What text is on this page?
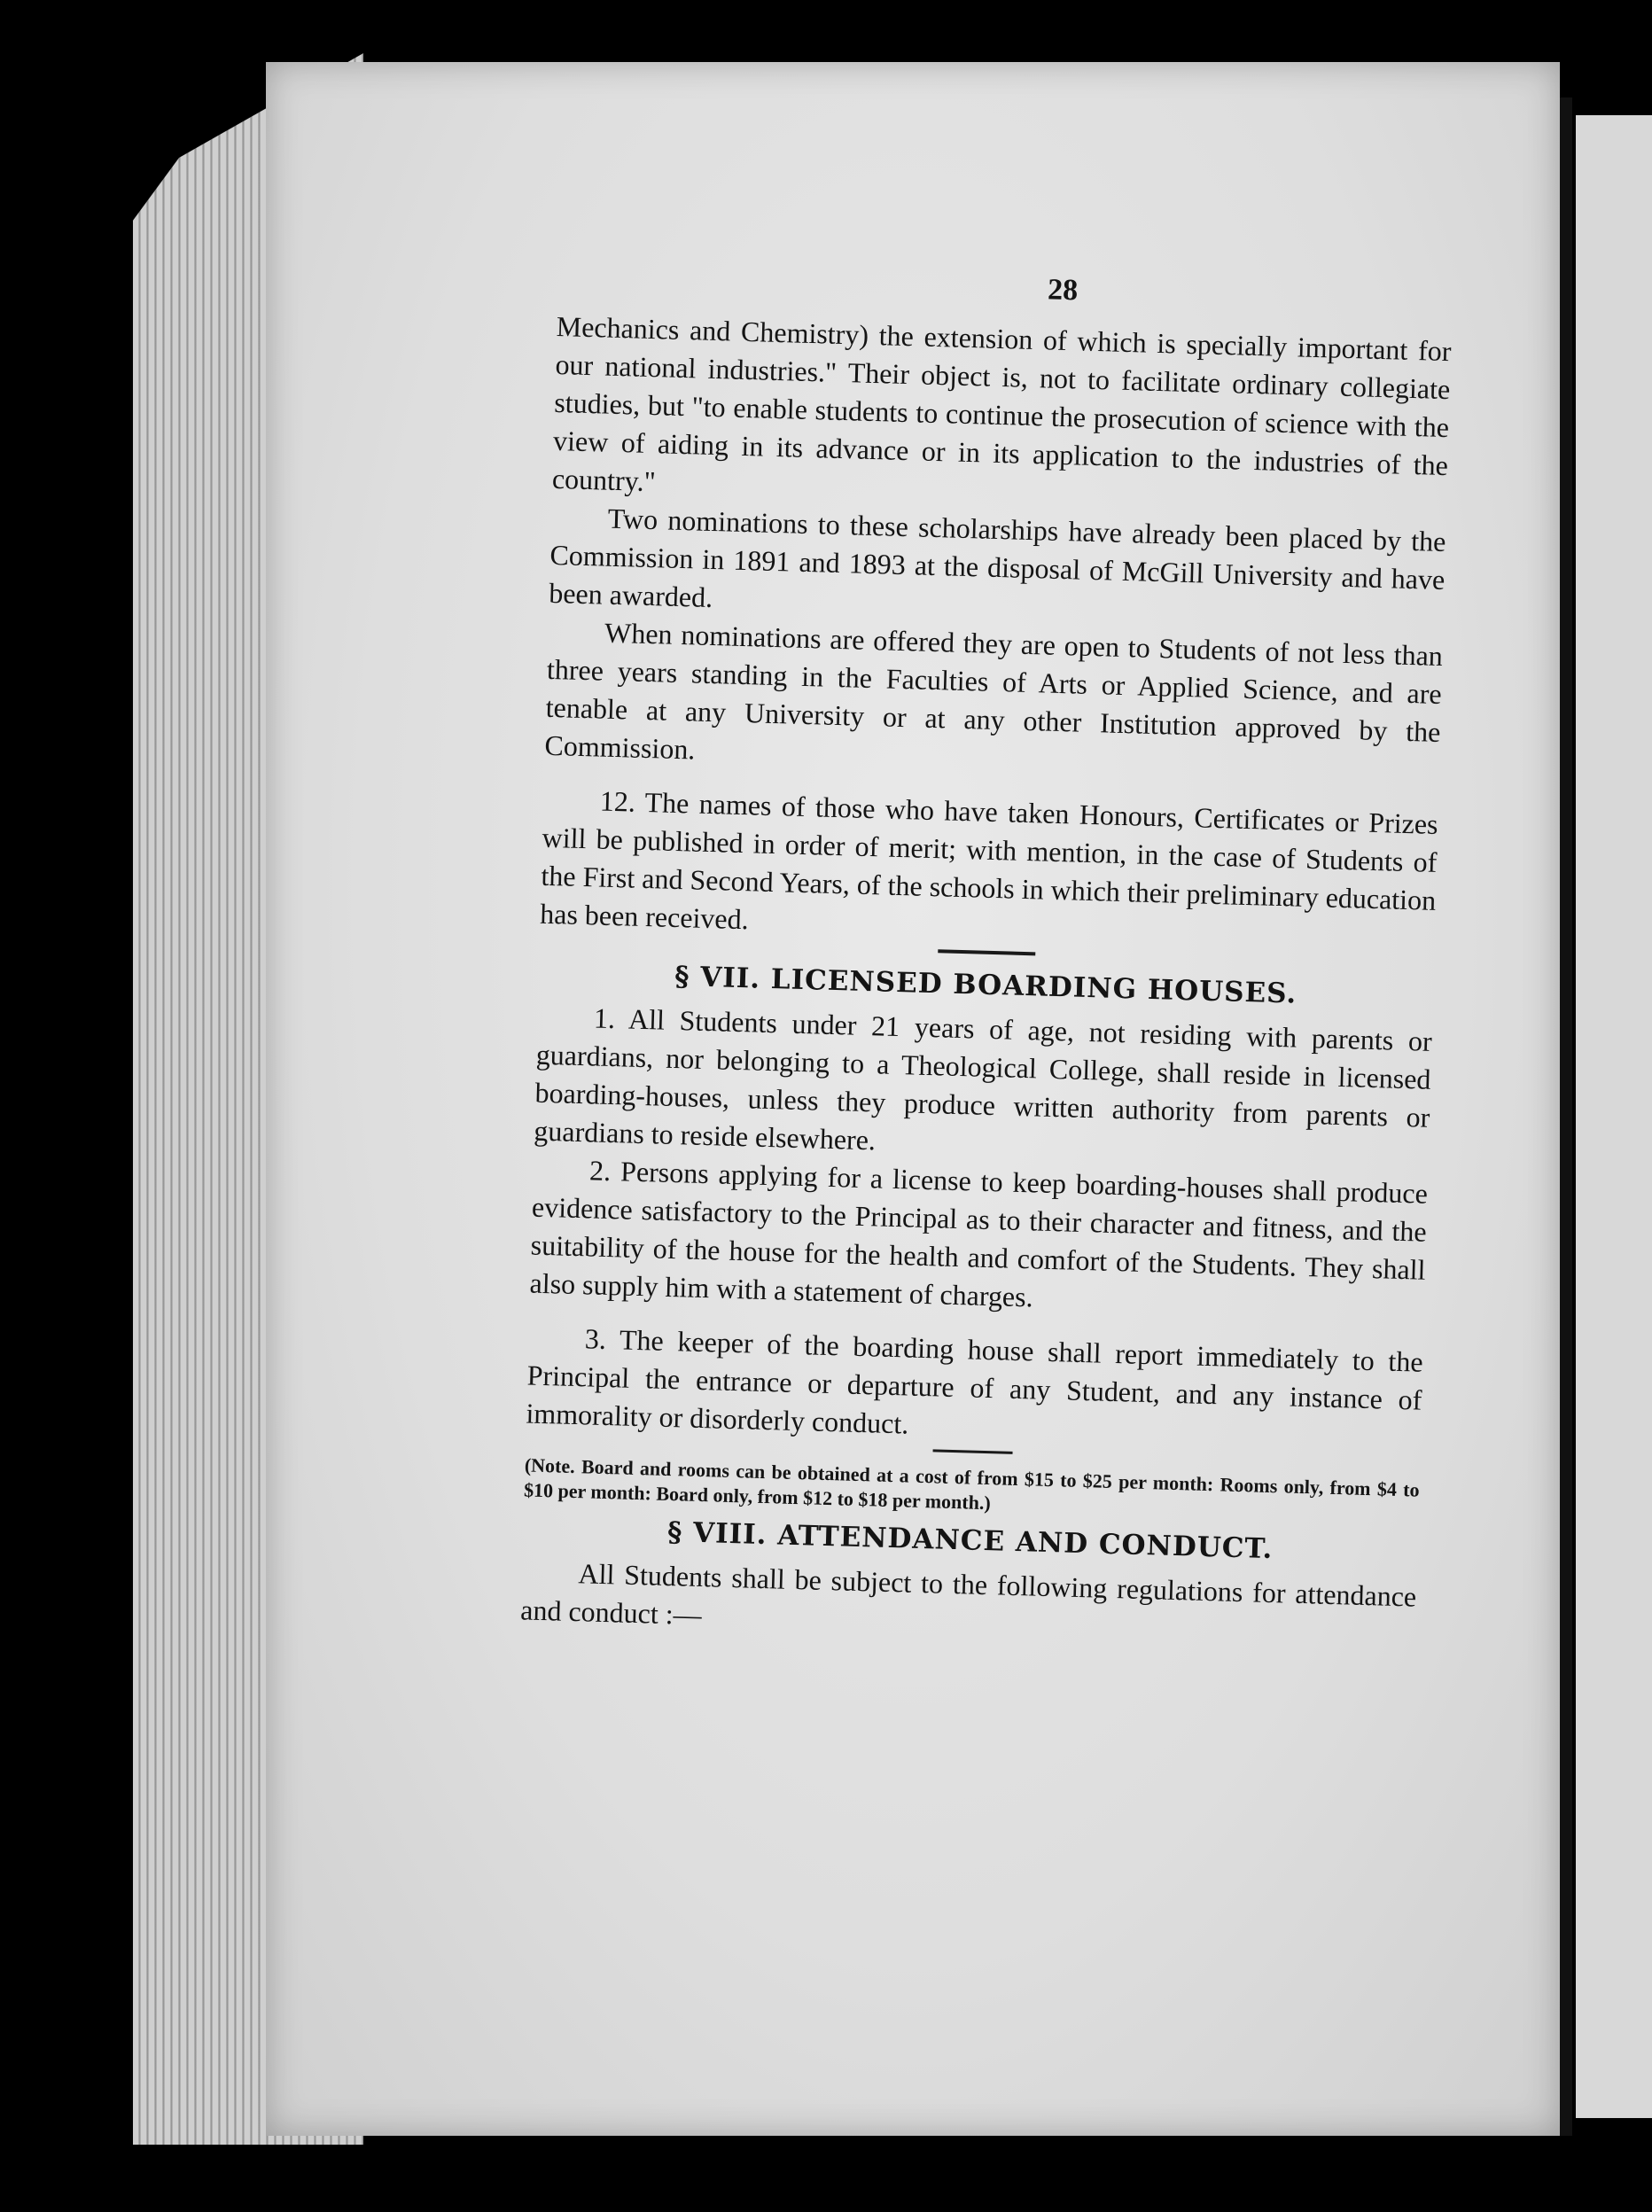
28

Mechanics and Chemistry) the extension of which is specially important for our national industries." Their object is, not to facilitate ordinary collegiate studies, but "to enable students to continue the prosecution of science with the view of aiding in its advance or in its application to the industries of the country."

Two nominations to these scholarships have already been placed by the Commission in 1891 and 1893 at the disposal of McGill University and have been awarded.

When nominations are offered they are open to Students of not less than three years standing in the Faculties of Arts or Applied Science, and are tenable at any University or at any other Institution approved by the Commission.

12. The names of those who have taken Honours, Certificates or Prizes will be published in order of merit; with mention, in the case of Students of the First and Second Years, of the schools in which their preliminary education has been received.

§ VII. LICENSED BOARDING HOUSES.

1. All Students under 21 years of age, not residing with parents or guardians, nor belonging to a Theological College, shall reside in licensed boarding-houses, unless they produce written authority from parents or guardians to reside elsewhere.

2. Persons applying for a license to keep boarding-houses shall produce evidence satisfactory to the Principal as to their character and fitness, and the suitability of the house for the health and comfort of the Students. They shall also supply him with a statement of charges.

3. The keeper of the boarding house shall report immediately to the Principal the entrance or departure of any Student, and any instance of immorality or disorderly conduct.

(Note. Board and rooms can be obtained at a cost of from $15 to $25 per month: Rooms only, from $4 to $10 per month: Board only, from $12 to $18 per month.)

§ VIII. ATTENDANCE AND CONDUCT.

All Students shall be subject to the following regulations for attendance and conduct :—
